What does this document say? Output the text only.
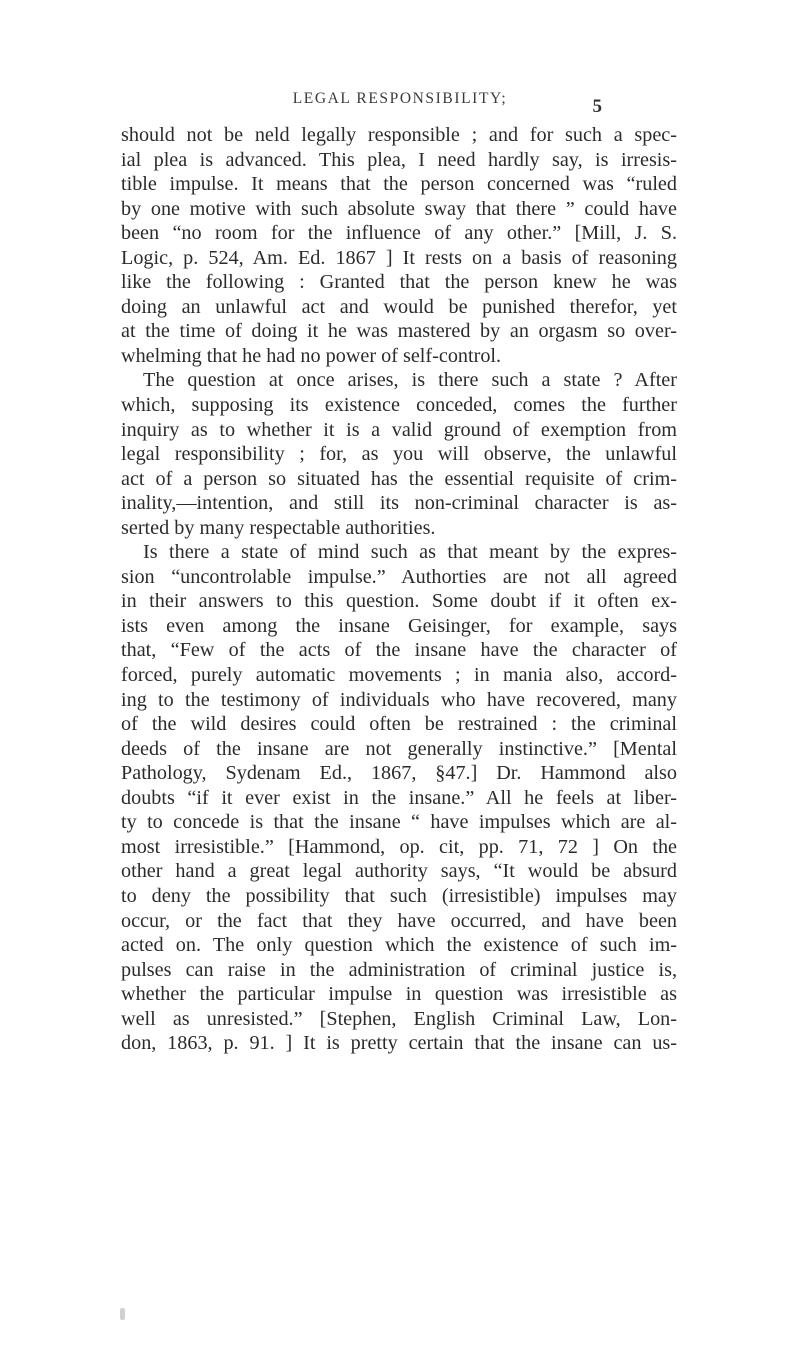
LEGAL RESPONSIBILITY;	5
should not be neld legally responsible ; and for such a spec-
ial plea is advanced. This plea, I need hardly say, is irresis-
tible impulse. It means that the person concerned was “ruled
by one motive with such absolute sway that there ” could have
been “no room for the influence of any other.” [Mill, J. S.
Logic, p. 524, Am. Ed. 1867 ] It rests on a basis of reasoning
like the following : Granted that the person knew he was
doing an unlawful act and would be punished therefor, yet
at the time of doing it he was mastered by an orgasm so over-
whelming that he had no power of self-control.
The question at once arises, is there such a state ? After
which, supposing its existence conceded, comes the further
inquiry as to whether it is a valid ground of exemption from
legal responsibility ; for, as you will observe, the unlawful
act of a person so situated has the essential requisite of crim-
inality,—intention, and still its non-criminal character is as-
serted by many respectable authorities.
Is there a state of mind such as that meant by the expres-
sion “uncontrolable impulse.” Authorties are not all agreed
in their answers to this question. Some doubt if it often ex-
ists even among the insane Geisinger, for example, says
that, “Few of the acts of the insane have the character of
forced, purely automatic movements ; in mania also, accord-
ing to the testimony of individuals who have recovered, many
of the wild desires could often be restrained : the criminal
deeds of the insane are not generally instinctive.” [Mental
Pathology, Sydenam Ed., 1867, §47.] Dr. Hammond also
doubts “if it ever exist in the insane.” All he feels at liber-
ty to concede is that the insane “ have impulses which are al-
most irresistible.” [Hammond, op. cit, pp. 71, 72 ] On the
other hand a great legal authority says, “It would be absurd
to deny the possibility that such (irresistible) impulses may
occur, or the fact that they have occurred, and have been
acted on. The only question which the existence of such im-
pulses can raise in the administration of criminal justice is,
whether the particular impulse in question was irresistible as
well as unresisted.” [Stephen, English Criminal Law, Lon-
don, 1863, p. 91. ] It is pretty certain that the insane can us-
